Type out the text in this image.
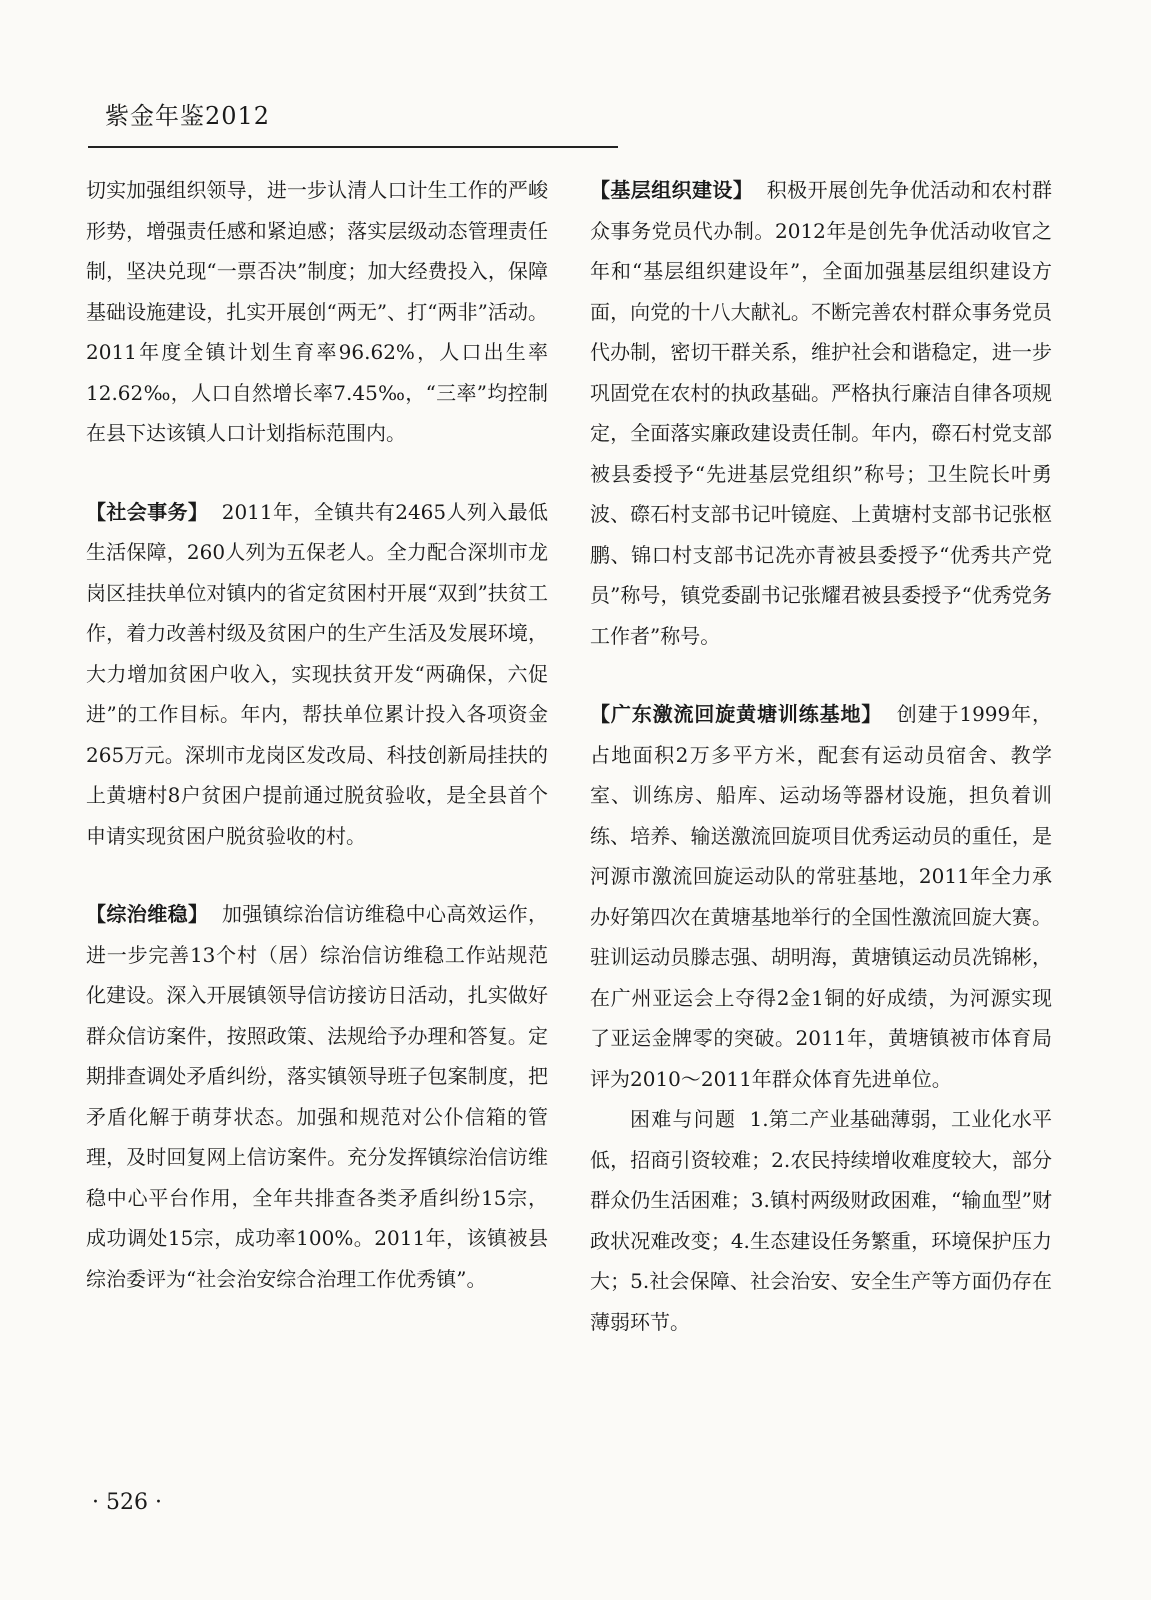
紫金年鉴2012

切实加强组织领导，进一步认清人口计生工作的严峻形势，增强责任感和紧迫感；落实层级动态管理责任制，坚决兑现“一票否决”制度；加大经费投入，保障基础设施建设，扎实开展创“两无”、打“两非”活动。2011年度全镇计划生育率96.62%，人口出生率12.62‰，人口自然增长率7.45‰，“三率”均控制在县下达该镇人口计划指标范围内。

【社会事务】 2011年，全镇共有2465人列入最低生活保障，260人列为五保老人。全力配合深圳市龙岗区挂扶单位对镇内的省定贫困村开展“双到”扶贫工作，着力改善村级及贫困户的生产生活及发展环境，大力增加贫困户收入，实现扶贫开发“两确保，六促进”的工作目标。年内，帮扶单位累计投入各项资金265万元。深圳市龙岗区发改局、科技创新局挂扶的上黄塘村8户贫困户提前通过脱贫验收，是全县首个申请实现贫困户脱贫验收的村。

【综治维稳】 加强镇综治信访维稳中心高效运作，进一步完善13个村（居）综治信访维稳工作站规范化建设。深入开展镇领导信访接访日活动，扎实做好群众信访案件，按照政策、法规给予办理和答复。定期排查调处矛盾纠纷，落实镇领导班子包案制度，把矛盾化解于萌芽状态。加强和规范对公仆信箱的管理，及时回复网上信访案件。充分发挥镇综治信访维稳中心平台作用，全年共排查各类矛盾纠纷15宗，成功调处15宗，成功率100%。2011年，该镇被县综治委评为“社会治安综合治理工作优秀镇”。

【基层组织建设】 积极开展创先争优活动和农村群众事务党员代办制。2012年是创先争优活动收官之年和“基层组织建设年”，全面加强基层组织建设方面，向党的十八大献礼。不断完善农村群众事务党员代办制，密切干群关系，维护社会和谐稳定，进一步巩固党在农村的执政基础。严格执行廉洁自律各项规定，全面落实廉政建设责任制。年内，磜石村党支部被县委授予“先进基层党组织”称号；卫生院长叶勇波、磜石村支部书记叶镜庭、上黄塘村支部书记张枢鹏、锦口村支部书记冼亦青被县委授予“优秀共产党员”称号，镇党委副书记张耀君被县委授予“优秀党务工作者”称号。

【广东激流回旋黄塘训练基地】 创建于1999年，占地面积2万多平方米，配套有运动员宿舍、教学室、训练房、船库、运动场等器材设施，担负着训练、培养、输送激流回旋项目优秀运动员的重任，是河源市激流回旋运动队的常驻基地，2011年全力承办好第四次在黄塘基地举行的全国性激流回旋大赛。驻训运动员滕志强、胡明海，黄塘镇运动员冼锦彬，在广州亚运会上夺得2金1铜的好成绩，为河源实现了亚运金牌零的突破。2011年，黄塘镇被市体育局评为2010～2011年群众体育先进单位。

困难与问题 1.第二产业基础薄弱，工业化水平低，招商引资较难；2.农民持续增收难度较大，部分群众仍生活困难；3.镇村两级财政困难，“输血型”财政状况难改变；4.生态建设任务繁重，环境保护压力大；5.社会保障、社会治安、安全生产等方面仍存在薄弱环节。

· 526 ·
